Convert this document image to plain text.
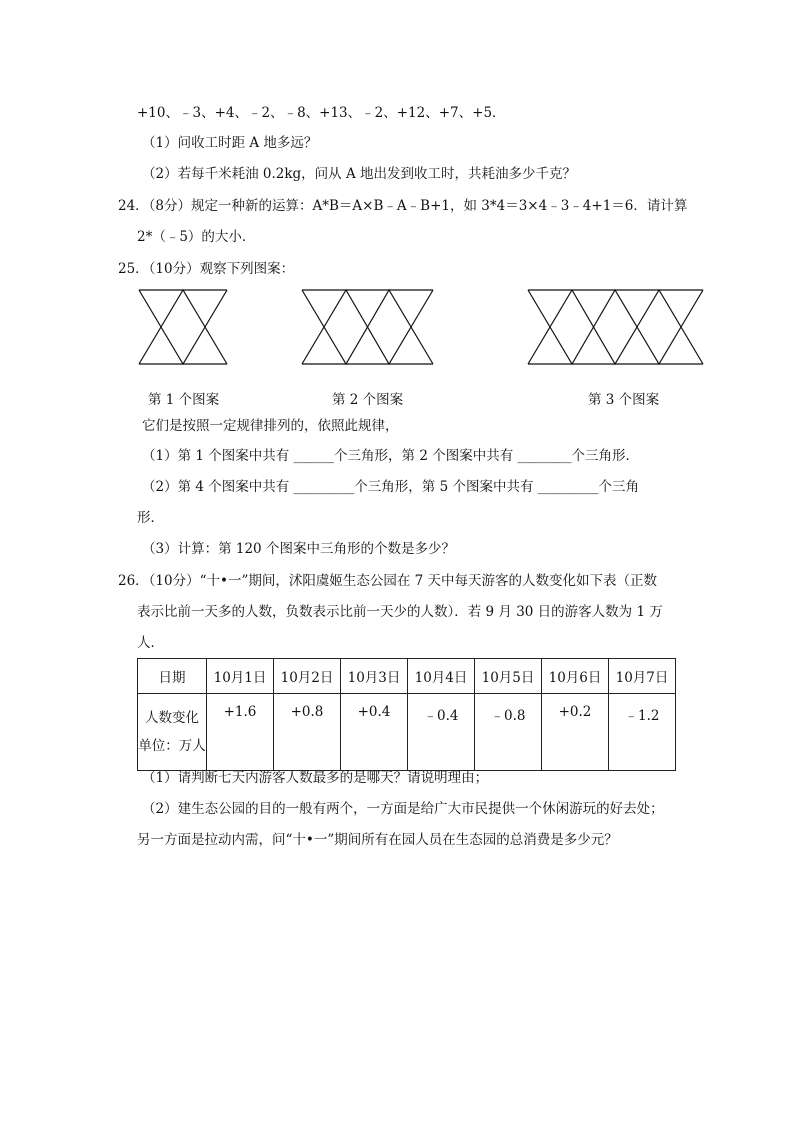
+10、﹣3、+4、﹣2、﹣8、+13、﹣2、+12、+7、+5．
（1）问收工时距 A 地多远？
（2）若每千米耗油 0.2kg，问从 A 地出发到收工时，共耗油多少千克？
24．（8分）规定一种新的运算：A*B＝A×B﹣A﹣B+1，如 3*4＝3×4﹣3﹣4+1＝6．请计算
2*（﹣5）的大小．
25．（10分）观察下列图案：
第 1 个图案	第 2 个图案	第 3 个图案
它们是按照一定规律排列的，依照此规律，
（1）第 1 个图案中共有 ______个三角形，第 2 个图案中共有 ________个三角形．
（2）第 4 个图案中共有 _________个三角形，第 5 个图案中共有 _________个三角
形．
（3）计算：第 120 个图案中三角形的个数是多少？
26．（10分）“十•一”期间，沭阳虞姬生态公园在 7 天中每天游客的人数变化如下表（正数
表示比前一天多的人数，负数表示比前一天少的人数）．若 9 月 30 日的游客人数为 1 万
人．
日期	10月1日	10月2日	10月3日	10月4日	10月5日	10月6日	10月7日

人数变化
单位：万人	+1.6	+0.8	+0.4	﹣0.4	﹣0.8	+0.2	﹣1.2
（1）请判断七天内游客人数最多的是哪天？请说明理由；
（2）建生态公园的目的一般有两个，一方面是给广大市民提供一个休闲游玩的好去处；
另一方面是拉动内需，问“十•一”期间所有在园人员在生态园的总消费是多少元？
